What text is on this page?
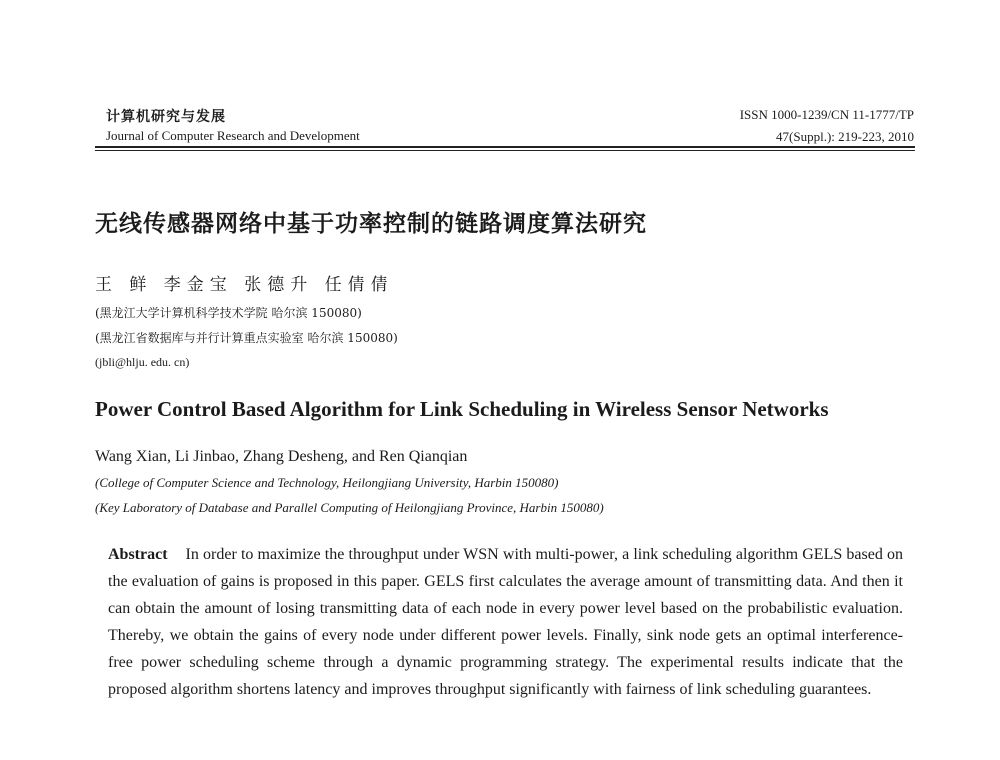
计算机研究与发展
Journal of Computer Research and Development
ISSN 1000-1239/CN 11-1777/TP
47(Suppl.): 219-223, 2010
无线传感器网络中基于功率控制的链路调度算法研究
王 鲜 李金宝 张德升 任倩倩
(黑龙江大学计算机科学技术学院 哈尔滨 150080)
(黑龙江省数据库与并行计算重点实验室 哈尔滨 150080)
(jbli@hlju. edu. cn)
Power Control Based Algorithm for Link Scheduling in Wireless Sensor Networks
Wang Xian, Li Jinbao, Zhang Desheng, and Ren Qianqian
(College of Computer Science and Technology, Heilongjiang University, Harbin 150080)
(Key Laboratory of Database and Parallel Computing of Heilongjiang Province, Harbin 150080)
Abstract In order to maximize the throughput under WSN with multi-power, a link scheduling algorithm GELS based on the evaluation of gains is proposed in this paper. GELS first calculates the average amount of transmitting data. And then it can obtain the amount of losing transmitting data of each node in every power level based on the probabilistic evaluation. Thereby, we obtain the gains of every node under different power levels. Finally, sink node gets an optimal interference-free power scheduling scheme through a dynamic programming strategy. The experimental results indicate that the proposed algorithm shortens latency and improves throughput significantly with fairness of link scheduling guarantees.
